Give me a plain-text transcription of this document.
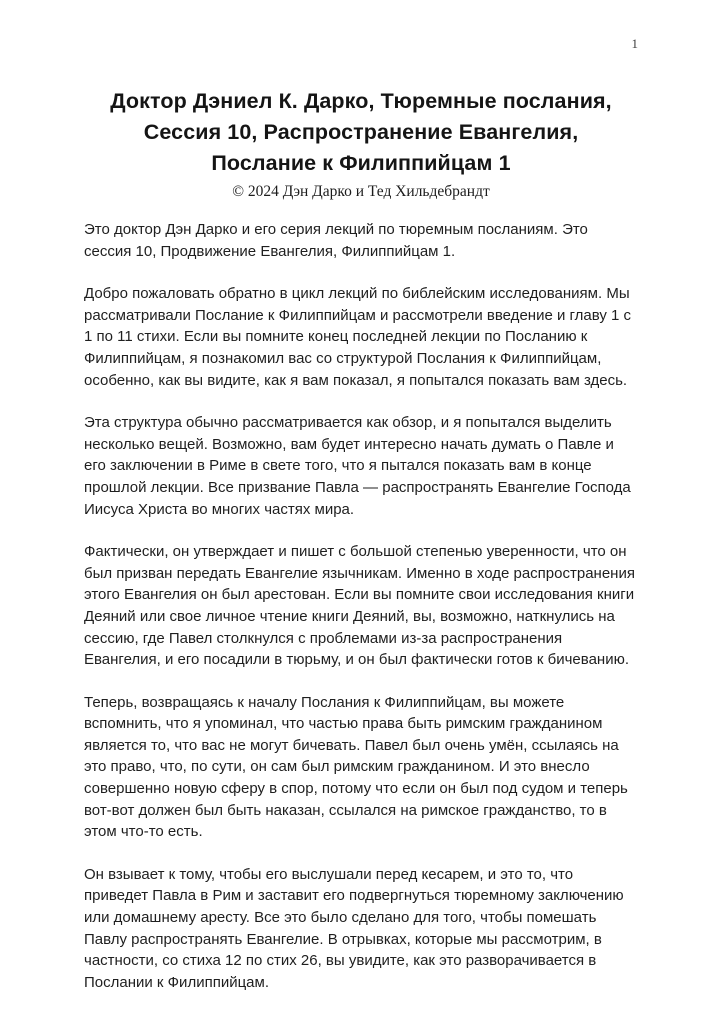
1
Доктор Дэниел К. Дарко, Тюремные послания,
Сессия 10, Распространение Евангелия,
Послание к Филиппийцам 1
© 2024 Дэн Дарко и Тед Хильдебрандт

Это доктор Дэн Дарко и его серия лекций по тюремным посланиям. Это сессия 10, Продвижение Евангелия, Филиппийцам 1.

Добро пожаловать обратно в цикл лекций по библейским исследованиям. Мы рассматривали Послание к Филиппийцам и рассмотрели введение и главу 1 с 1 по 11 стихи. Если вы помните конец последней лекции по Посланию к Филиппийцам, я познакомил вас со структурой Послания к Филиппийцам, особенно, как вы видите, как я вам показал, я попытался показать вам здесь.

Эта структура обычно рассматривается как обзор, и я попытался выделить несколько вещей. Возможно, вам будет интересно начать думать о Павле и его заключении в Риме в свете того, что я пытался показать вам в конце прошлой лекции. Все призвание Павла — распространять Евангелие Господа Иисуса Христа во многих частях мира.

Фактически, он утверждает и пишет с большой степенью уверенности, что он был призван передать Евангелие язычникам. Именно в ходе распространения этого Евангелия он был арестован. Если вы помните свои исследования книги Деяний или свое личное чтение книги Деяний, вы, возможно, наткнулись на сессию, где Павел столкнулся с проблемами из-за распространения Евангелия, и его посадили в тюрьму, и он был фактически готов к бичеванию.

Теперь, возвращаясь к началу Послания к Филиппийцам, вы можете вспомнить, что я упоминал, что частью права быть римским гражданином является то, что вас не могут бичевать. Павел был очень умён, ссылаясь на это право, что, по сути, он сам был римским гражданином. И это внесло совершенно новую сферу в спор, потому что если он был под судом и теперь вот-вот должен был быть наказан, ссылался на римское гражданство, то в этом что-то есть.

Он взывает к тому, чтобы его выслушали перед кесарем, и это то, что приведет Павла в Рим и заставит его подвергнуться тюремному заключению или домашнему аресту. Все это было сделано для того, чтобы помешать Павлу распространять Евангелие. В отрывках, которые мы рассмотрим, в частности, со стиха 12 по стих 26, вы увидите, как это разворачивается в Послании к Филиппийцам.
